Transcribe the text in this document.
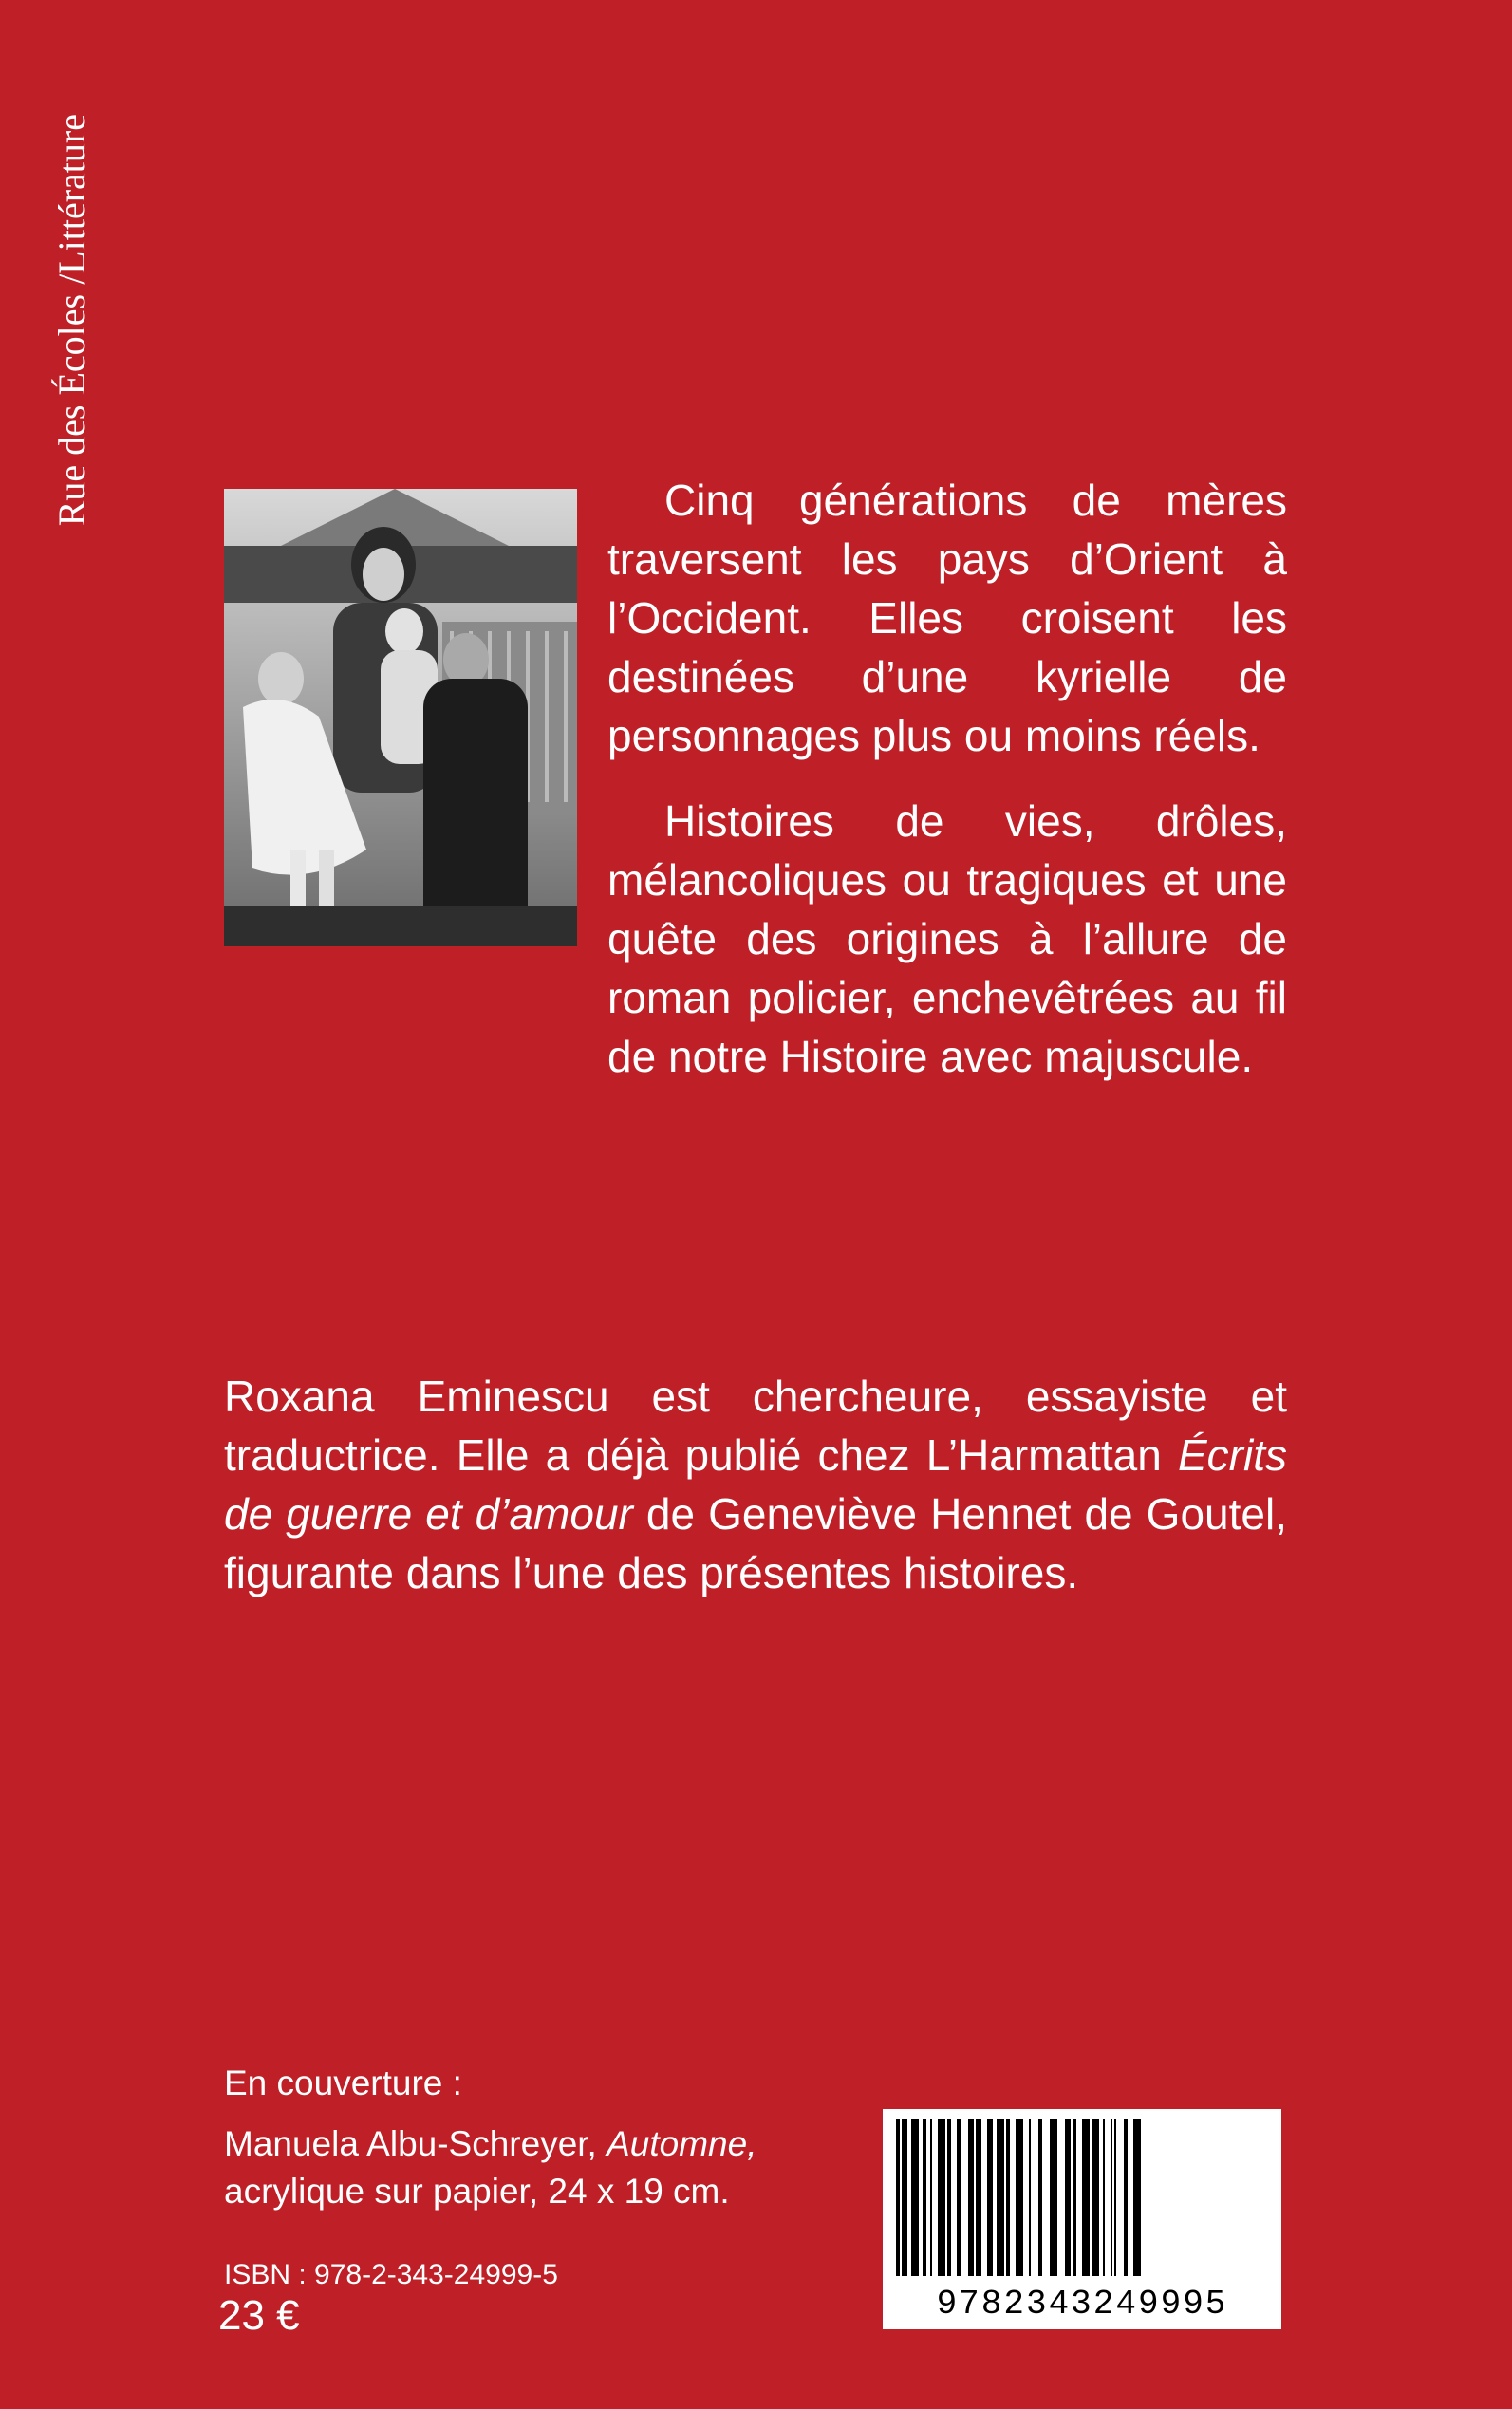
Rue des Écoles /Littérature	Cinq générations de mères traversent les pays d’Orient à l’Occident. Elles croisent les destinées d’une kyrielle de personnages plus ou moins réels.

Histoires de vies, drôles, mélancoliques ou tragiques et une quête des origines à l’allure de roman policier, enchevêtrées au fil de notre Histoire avec majuscule.

Roxana Eminescu est chercheure, essayiste et traductrice. Elle a déjà publié chez L’Harmattan Écrits de guerre et d’amour de Geneviève Hennet de Goutel, figurante dans l’une des présentes histoires.

En couverture :
Manuela Albu-Schreyer, Automne,
acrylique sur papier, 24 x 19 cm.
ISBN : 978-2-343-24999-5
23 €	9782343249995
